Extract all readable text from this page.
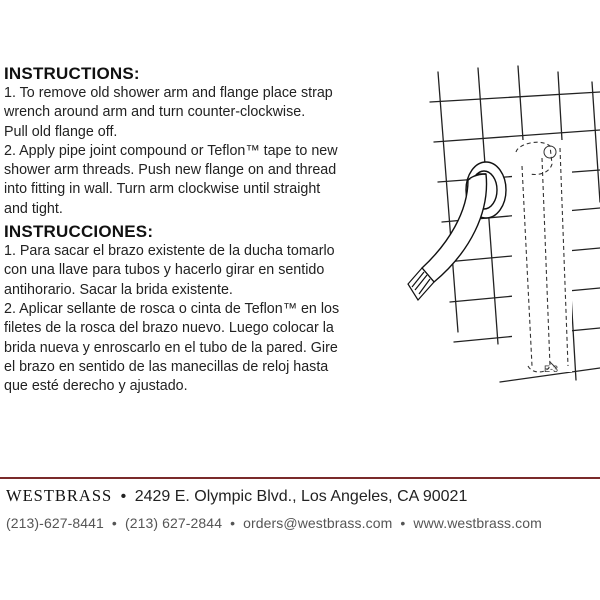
INSTRUCTIONS:

1. To remove old shower arm and flange place strap
wrench around arm and turn counter-clockwise.
Pull old flange off.
2. Apply pipe joint compound or Teflon™ tape to new
shower arm threads. Push new flange on and thread
into fitting in wall. Turn arm clockwise until straight
and tight.

INSTRUCCIONES:

1. Para sacar el brazo existente de la ducha tomarlo
con una llave para tubos y hacerlo girar en sentido
antihorario. Sacar la brida existente.
2. Aplicar sellante de rosca o cinta de Teflon™ en los
filetes de la rosca del brazo nuevo. Luego colocar la
brida nueva y enroscarlo en el tubo de la pared. Gire
el brazo en sentido de las manecillas de reloj hasta
que esté derecho y ajustado.

E-3
WESTBRASS • 2429 E. Olympic Blvd., Los Angeles, CA 90021
(213)-627-8441 • (213) 627-2844 • orders@westbrass.com • www.westbrass.com
